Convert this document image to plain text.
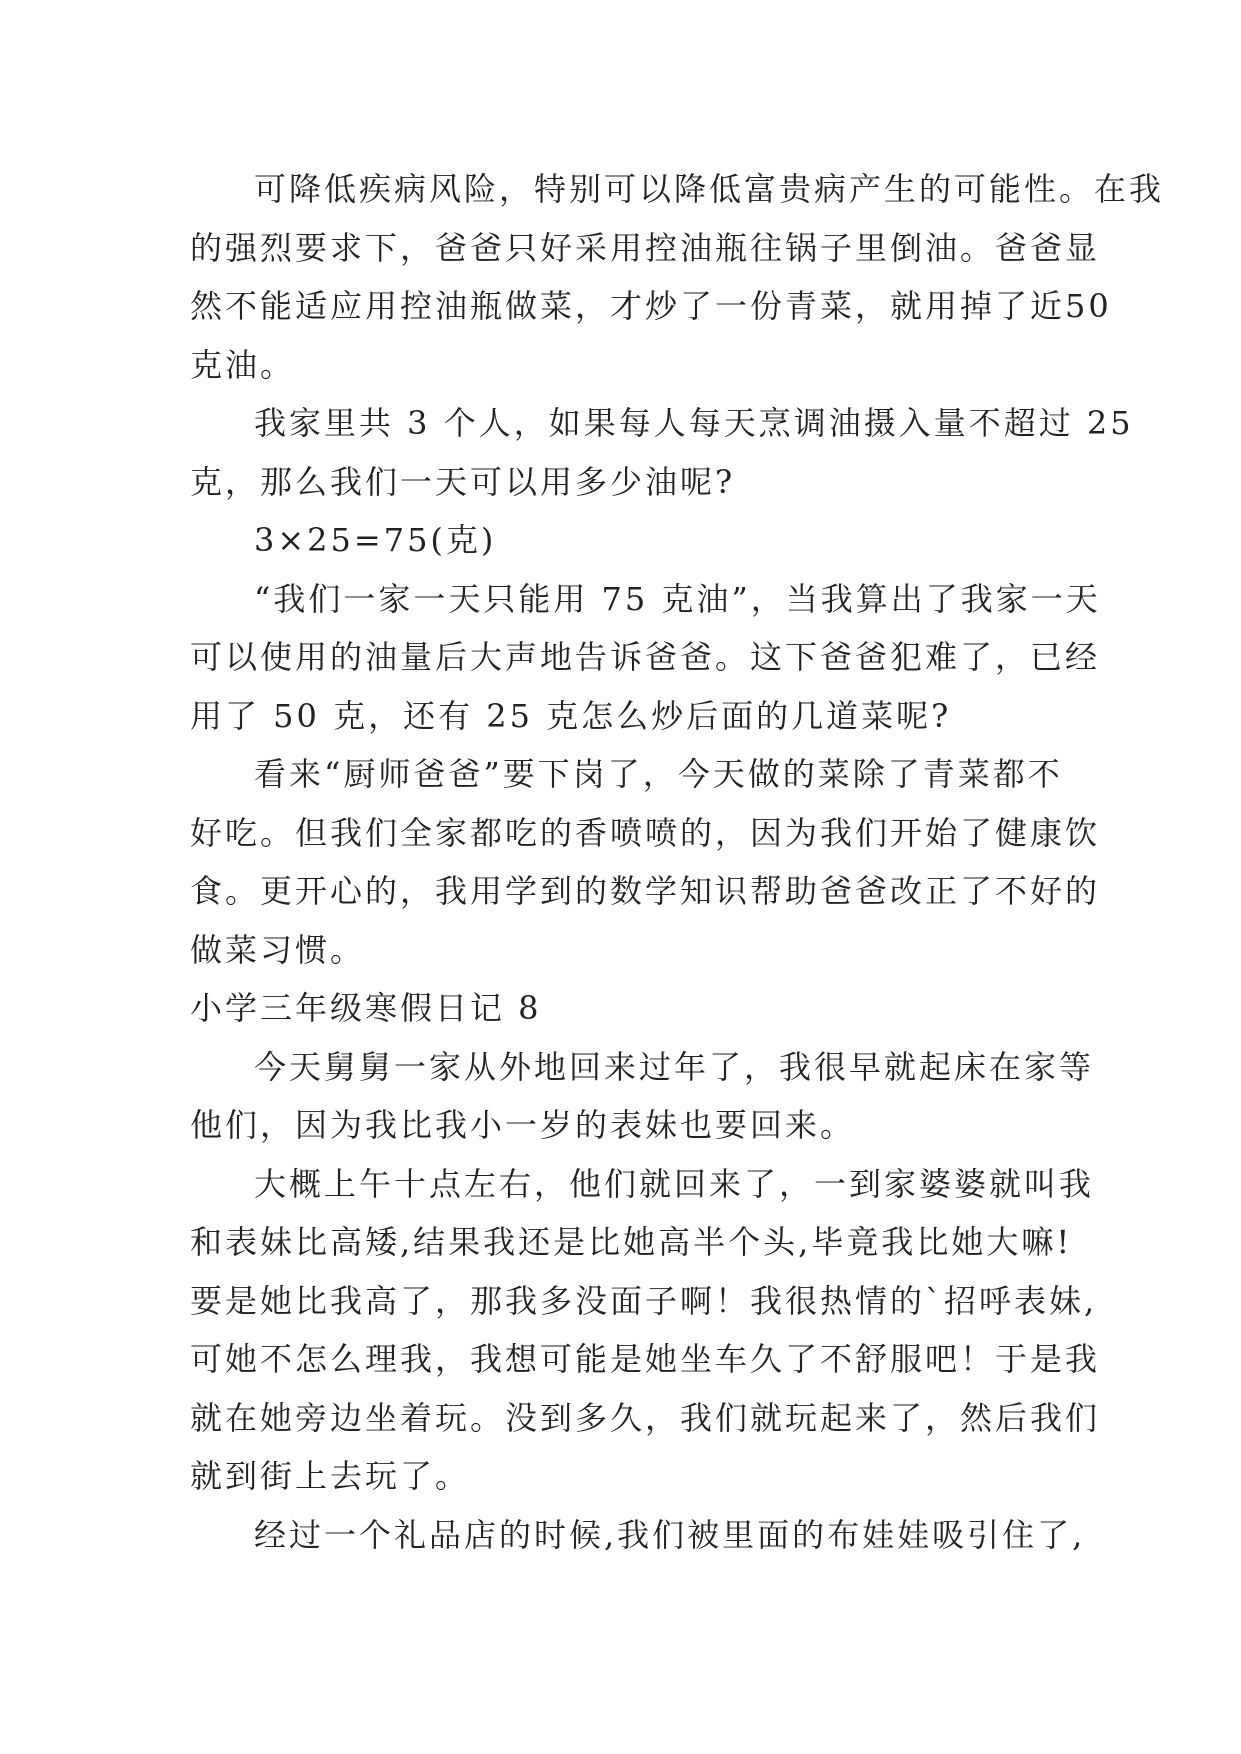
可降低疾病风险，特别可以降低富贵病产生的可能性。在我
的强烈要求下，爸爸只好采用控油瓶往锅子里倒油。爸爸显
然不能适应用控油瓶做菜，才炒了一份青菜，就用掉了近50
克油。
我家里共 3 个人，如果每人每天烹调油摄入量不超过 25
克，那么我们一天可以用多少油呢?
3×25=75(克)
“我们一家一天只能用 75 克油”，当我算出了我家一天
可以使用的油量后大声地告诉爸爸。这下爸爸犯难了，已经
用了 50 克，还有 25 克怎么炒后面的几道菜呢?
看来“厨师爸爸”要下岗了，今天做的菜除了青菜都不
好吃。但我们全家都吃的香喷喷的，因为我们开始了健康饮
食。更开心的，我用学到的数学知识帮助爸爸改正了不好的
做菜习惯。
小学三年级寒假日记 8
今天舅舅一家从外地回来过年了，我很早就起床在家等
他们，因为我比我小一岁的表妹也要回来。
大概上午十点左右，他们就回来了，一到家婆婆就叫我
和表妹比高矮,结果我还是比她高半个头,毕竟我比她大嘛!
要是她比我高了，那我多没面子啊！我很热情的`招呼表妹,
可她不怎么理我，我想可能是她坐车久了不舒服吧！于是我
就在她旁边坐着玩。没到多久，我们就玩起来了，然后我们
就到街上去玩了。
经过一个礼品店的时候,我们被里面的布娃娃吸引住了,
